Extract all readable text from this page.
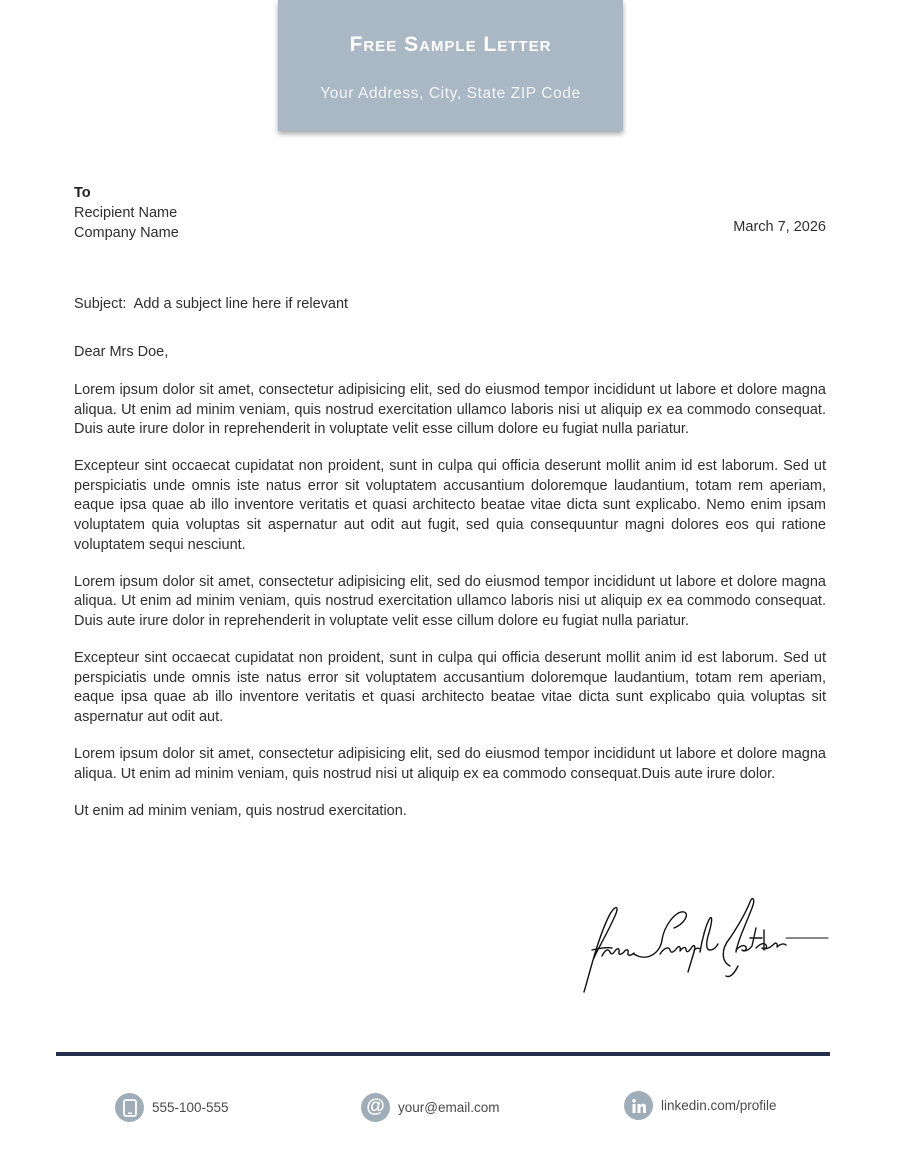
Free Sample Letter
Your Address, City, State ZIP Code
To
Recipient Name
Company Name	March 7, 2026
Subject:  Add a subject line here if relevant
Dear Mrs Doe,

Lorem ipsum dolor sit amet, consectetur adipisicing elit, sed do eiusmod tempor incididunt ut labore et dolore magna aliqua. Ut enim ad minim veniam, quis nostrud exercitation ullamco laboris nisi ut aliquip ex ea commodo consequat. Duis aute irure dolor in reprehenderit in voluptate velit esse cillum dolore eu fugiat nulla pariatur.

Excepteur sint occaecat cupidatat non proident, sunt in culpa qui officia deserunt mollit anim id est laborum. Sed ut perspiciatis unde omnis iste natus error sit voluptatem accusantium doloremque laudantium, totam rem aperiam, eaque ipsa quae ab illo inventore veritatis et quasi architecto beatae vitae dicta sunt explicabo. Nemo enim ipsam voluptatem quia voluptas sit aspernatur aut odit aut fugit, sed quia consequuntur magni dolores eos qui ratione voluptatem sequi nesciunt.

Lorem ipsum dolor sit amet, consectetur adipisicing elit, sed do eiusmod tempor incididunt ut labore et dolore magna aliqua. Ut enim ad minim veniam, quis nostrud exercitation ullamco laboris nisi ut aliquip ex ea commodo consequat. Duis aute irure dolor in reprehenderit in voluptate velit esse cillum dolore eu fugiat nulla pariatur.

Excepteur sint occaecat cupidatat non proident, sunt in culpa qui officia deserunt mollit anim id est laborum. Sed ut perspiciatis unde omnis iste natus error sit voluptatem accusantium doloremque laudantium, totam rem aperiam, eaque ipsa quae ab illo inventore veritatis et quasi architecto beatae vitae dicta sunt explicabo quia voluptas sit aspernatur aut odit aut.

Lorem ipsum dolor sit amet, consectetur adipisicing elit, sed do eiusmod tempor incididunt ut labore et dolore magna aliqua. Ut enim ad minim veniam, quis nostrud nisi ut aliquip ex ea commodo consequat.Duis aute irure dolor.

Ut enim ad minim veniam, quis nostrud exercitation.

555-100-555	@ your@email.com	linkedin.com/profile
